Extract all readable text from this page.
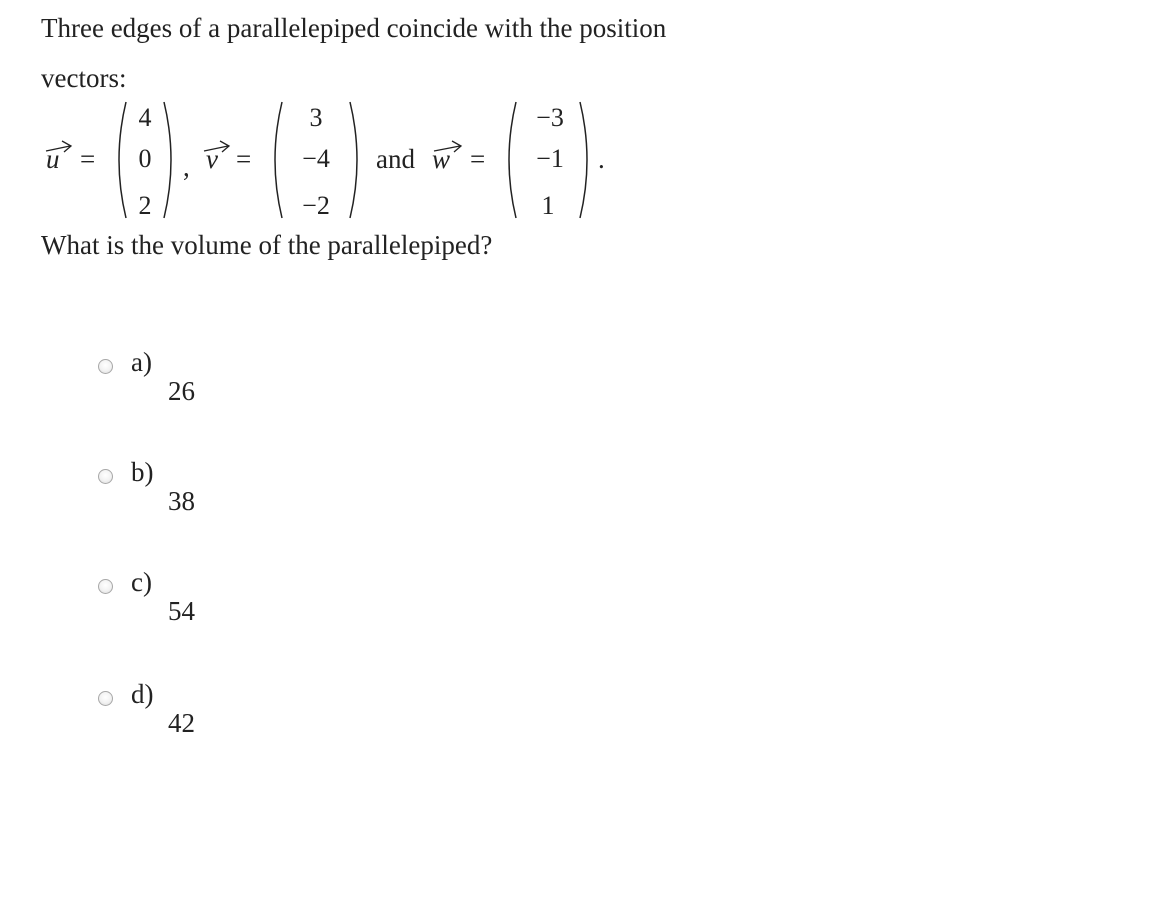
Three edges of a parallelepiped coincide with the position
vectors:
u =
4
0
2
, v =
3
−4
−2
and w =
−3
−1
1
.
What is the volume of the parallelepiped?
a)
26
b)
38
c)
54
d)
42
